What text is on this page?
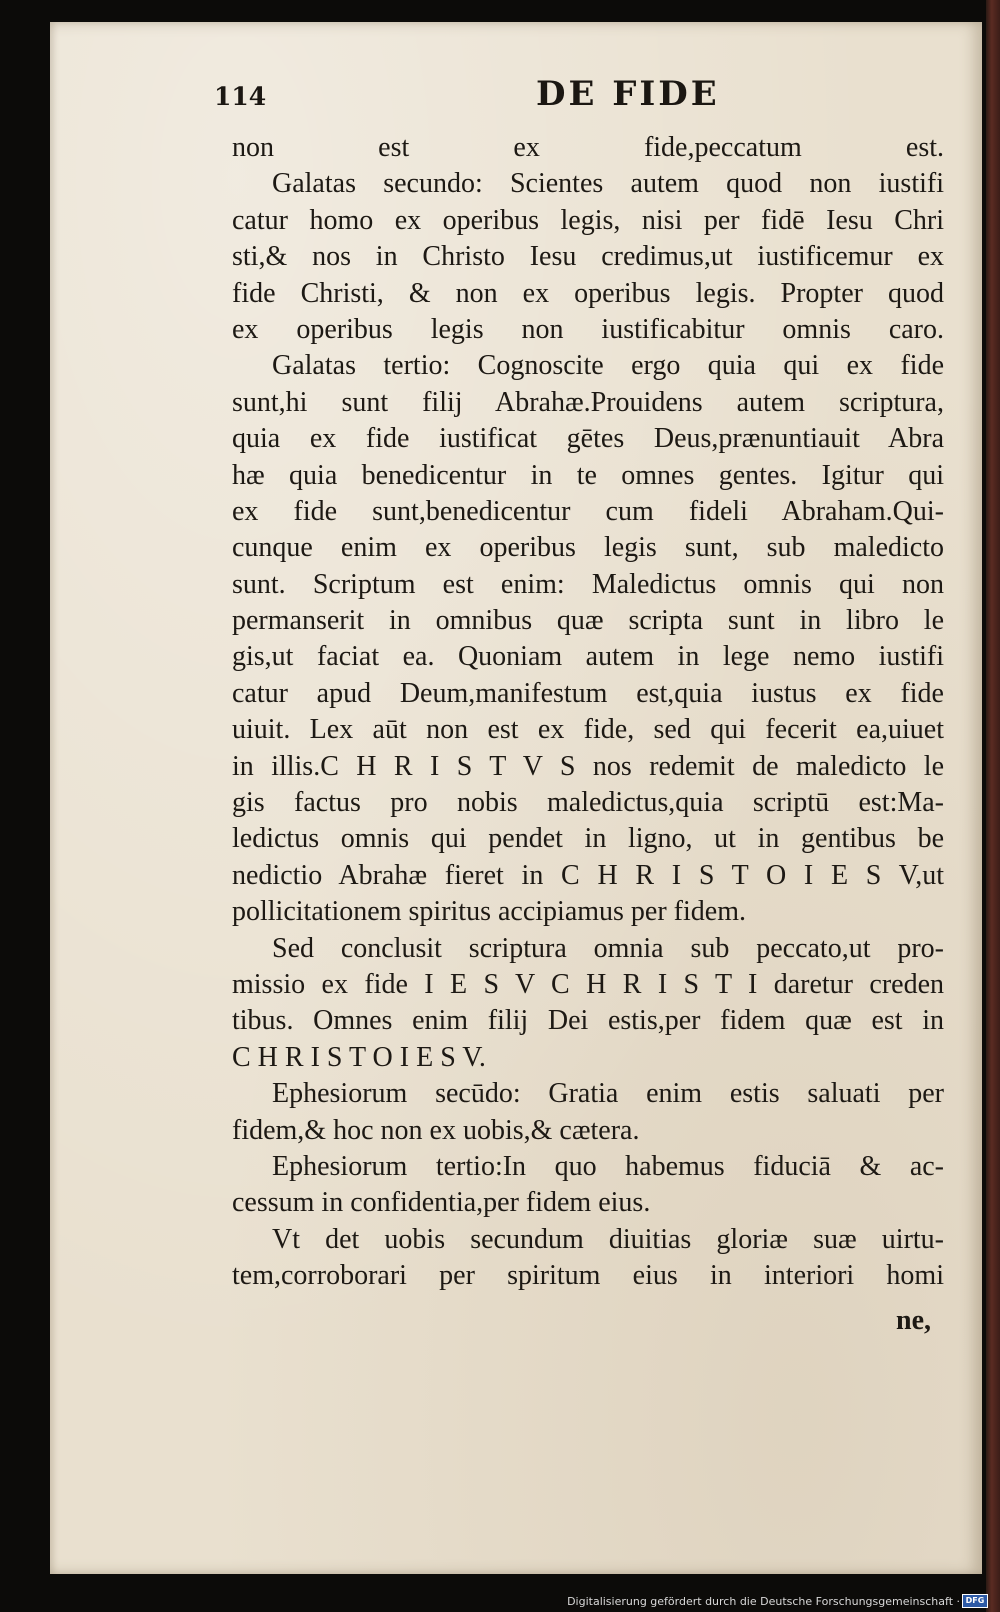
114	DE FIDE
non est ex fide,peccatum est.
Galatas secundo: Scientes autem quod non iustifi
catur homo ex operibus legis, nisi per fidē Iesu Chri
sti,& nos in Christo Iesu credimus,ut iustificemur ex
fide Christi, & non ex operibus legis. Propter quod
ex operibus legis non iustificabitur omnis caro.
Galatas tertio: Cognoscite ergo quia qui ex fide
sunt,hi sunt filij Abrahæ.Prouidens autem scriptura,
quia ex fide iustificat gētes Deus,prænuntiauit Abra
hæ quia benedicentur in te omnes gentes. Igitur qui
ex fide sunt,benedicentur cum fideli Abraham.Qui-
cunque enim ex operibus legis sunt, sub maledicto
sunt. Scriptum est enim: Maledictus omnis qui non
permanserit in omnibus quæ scripta sunt in libro le
gis,ut faciat ea. Quoniam autem in lege nemo iustifi
catur apud Deum,manifestum est,quia iustus ex fide
uiuit. Lex aūt non est ex fide, sed qui fecerit ea,uiuet
in illis.C H R I S T V S nos redemit de maledicto le
gis factus pro nobis maledictus,quia scriptū est:Ma-
ledictus omnis qui pendet in ligno, ut in gentibus be
nedictio Abrahæ fieret in C H R I S T O I E S V,ut
pollicitationem spiritus accipiamus per fidem.
Sed conclusit scriptura omnia sub peccato,ut pro-
missio ex fide I E S V C H R I S T I daretur creden
tibus. Omnes enim filij Dei estis,per fidem quæ est in
C H R I S T O I E S V.
Ephesiorum secūdo: Gratia enim estis saluati per
fidem,& hoc non ex uobis,& cætera.
Ephesiorum tertio:In quo habemus fiduciā & ac-
cessum in confidentia,per fidem eius.
Vt det uobis secundum diuitias gloriæ suæ uirtu-
tem,corroborari per spiritum eius in interiori homi
ne,
Digitalisierung gefördert durch die Deutsche Forschungsgemeinschaft · DFG
